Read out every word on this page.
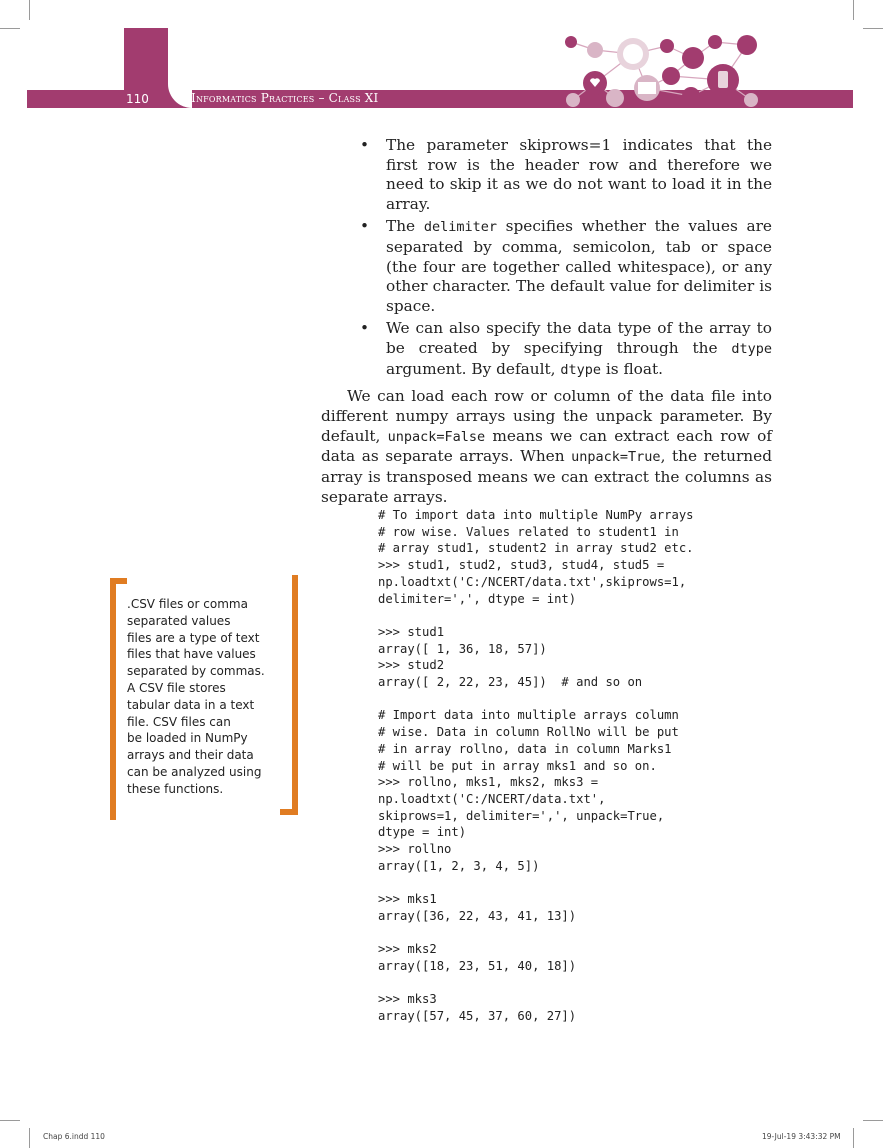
110	Informatics Practices – Class XI
• The parameter skiprows=1 indicates that the first row is the header row and therefore we need to skip it as we do not want to load it in the array.
• The delimiter specifies whether the values are separated by comma, semicolon, tab or space (the four are together called whitespace), or any other character. The default value for delimiter is space.
• We can also specify the data type of the array to be created by specifying through the dtype argument. By default, dtype is float.

We can load each row or column of the data file into different numpy arrays using the unpack parameter. By default, unpack=False means we can extract each row of data as separate arrays. When unpack=True, the returned array is transposed means we can extract the columns as separate arrays.

# To import data into multiple NumPy arrays
# row wise. Values related to student1 in
# array stud1, student2 in array stud2 etc.
>>> stud1, stud2, stud3, stud4, stud5 =
np.loadtxt('C:/NCERT/data.txt',skiprows=1,
delimiter=',', dtype = int)

>>> stud1
array([ 1, 36, 18, 57])
>>> stud2
array([ 2, 22, 23, 45])  # and so on

# Import data into multiple arrays column
# wise. Data in column RollNo will be put
# in array rollno, data in column Marks1
# will be put in array mks1 and so on.
>>> rollno, mks1, mks2, mks3 =
np.loadtxt('C:/NCERT/data.txt',
skiprows=1, delimiter=',', unpack=True,
dtype = int)
>>> rollno
array([1, 2, 3, 4, 5])

>>> mks1
array([36, 22, 43, 41, 13])

>>> mks2
array([18, 23, 51, 40, 18])

>>> mks3
array([57, 45, 37, 60, 27])

.CSV files or comma
separated values
files are a type of text
files that have values
separated by commas.
A CSV file stores
tabular data in a text
file. CSV files can
be loaded in NumPy
arrays and their data
can be analyzed using
these functions.

Chap 6.indd 110	19-Jul-19 3:43:32 PM
